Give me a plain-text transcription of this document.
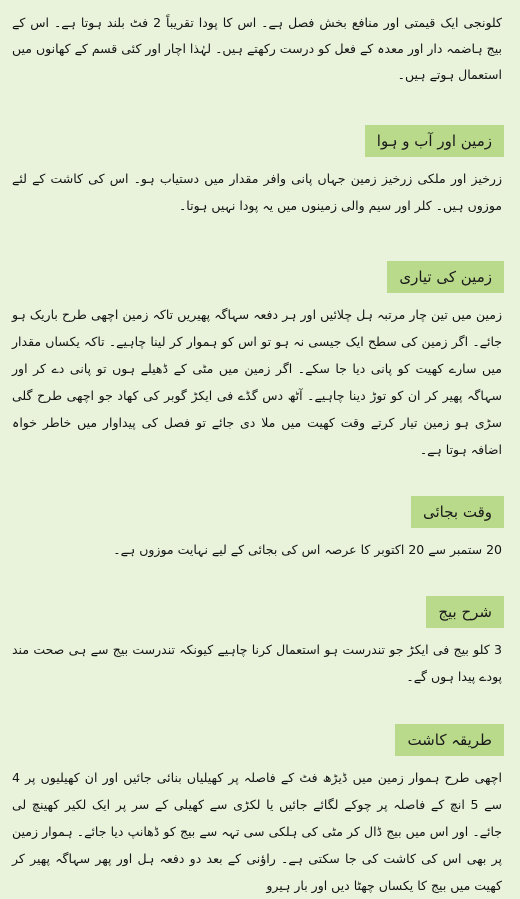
کلونجی ایک قیمتی اور منافع بخش فصل ہے۔ اس کا پودا تقریباً 2 فٹ بلند ہوتا ہے۔ اس کے بیج ہاضمہ دار اور معدہ کے فعل کو درست رکھتے ہیں۔ لہٰذا اچار اور کئی قسم کے کھانوں میں استعمال ہوتے ہیں۔
زمین اور آب و ہوا
زرخیز اور ملکی زرخیز زمین جہاں پانی وافر مقدار میں دستیاب ہو۔ اس کی کاشت کے لئے موزوں ہیں۔ کلر اور سیم والی زمینوں میں یہ پودا نہیں ہوتا۔
زمین کی تیاری
زمین میں تین چار مرتبہ ہل چلائیں اور ہر دفعہ سہاگہ پھیریں تاکہ زمین اچھی طرح باریک ہو جائے۔ اگر زمین کی سطح ایک جیسی نہ ہو تو اس کو ہموار کر لینا چاہیے۔ تاکہ یکساں مقدار میں سارے کھیت کو پانی دیا جا سکے۔ اگر زمین میں مٹی کے ڈھیلے ہوں تو پانی دے کر اور سہاگہ پھیر کر ان کو توڑ دینا چاہیے۔ آٹھ دس گڈے فی ایکڑ گوبر کی کھاد جو اچھی طرح گلی سڑی ہو زمین تیار کرتے وقت کھیت میں ملا دی جائے تو فصل کی پیداوار میں خاطر خواہ اضافہ ہوتا ہے۔
وقت بجائی
20 ستمبر سے 20 اکتوبر کا عرصہ اس کی بجائی کے لیے نہایت موزوں ہے۔
شرح بیج
3 کلو بیج فی ایکڑ جو تندرست ہو استعمال کرنا چاہیے کیونکہ تندرست بیج سے ہی صحت مند پودے پیدا ہوں گے۔
طریقہ کاشت
اچھی طرح ہموار زمین میں ڈیڑھ فٹ کے فاصلہ پر کھیلیاں بنائی جائیں اور ان کھیلیوں پر 4 سے 5 انچ کے فاصلہ پر چوکے لگائے جائیں یا لکڑی سے کھیلی کے سر پر ایک لکیر کھینچ لی جائے۔ اور اس میں بیج ڈال کر مٹی کی ہلکی سی تہہ سے بیج کو ڈھانپ دیا جائے۔ ہموار زمین پر بھی اس کی کاشت کی جا سکتی ہے۔ راؤنی کے بعد دو دفعہ ہل اور پھر سہاگہ پھیر کر کھیت میں بیج کا یکساں چھٹا دیں اور بار ہیرو
